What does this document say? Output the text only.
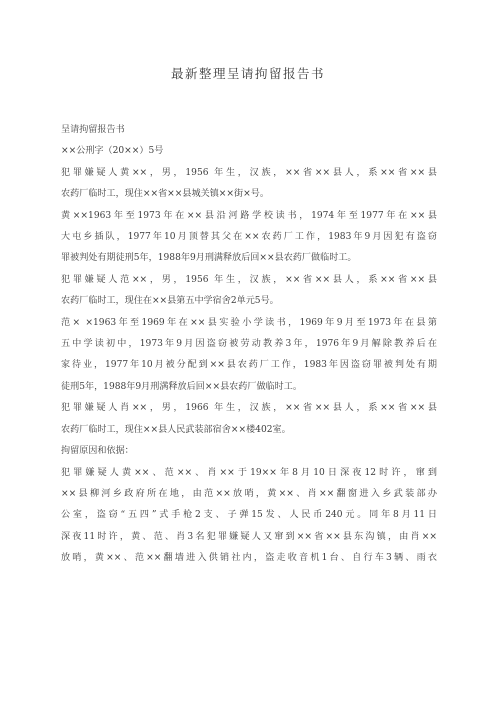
最新整理呈请拘留报告书
呈请拘留报告书
××公刑字（20××）5号
犯罪嫌疑人黄××，男，1956 年生，汉族，××省××县人，系××省××县
农药厂临时工，现住××省××县城关镇××街×号。
黄××1963年至1973年在××县沿河路学校读书，1974年至1977年在××县
大屯乡插队，1977年10月顶替其父在××农药厂工作，1983年9月因犯有盗窃
罪被判处有期徒刑5年，1988年9月刑满释放后回××县农药厂做临时工。
犯罪嫌疑人范××，男，1956 年生，汉族，××省××县人，系××省××县
农药厂临时工，现住在××县第五中学宿舍2单元5号。
范× ×1963年至1969年在××县实验小学读书，1969年9月至1973年在县第
五中学读初中，1973年9月因盗窃被劳动教养3年，1976年9月解除教养后在
家待业，1977年10月被分配到××县农药厂工作，1983年因盗窃罪被判处有期
徒刑5年，1988年9月刑满释放后回××县农药厂做临时工。
犯罪嫌疑人肖××，男，1966 年生，汉族，××省××县人，系××省××县
农药厂临时工，现住××县人民武装部宿舍××楼402室。
拘留原因和依据：
犯罪嫌疑人黄××、范××、肖××于19××年8月10日深夜12时许，窜到
××县柳河乡政府所在地，由范××放哨，黄××、肖××翻窗进入乡武装部办
公室，盗窃“五四”式手枪2支、子弹15发、人民币240元。同年8月11日
深夜11时许，黄、范、肖3名犯罪嫌疑人又窜到××省××县东沟镇，由肖××
放哨，黄××、范××翻墙进入供销社内，盗走收音机1台、自行车3辆、雨衣
